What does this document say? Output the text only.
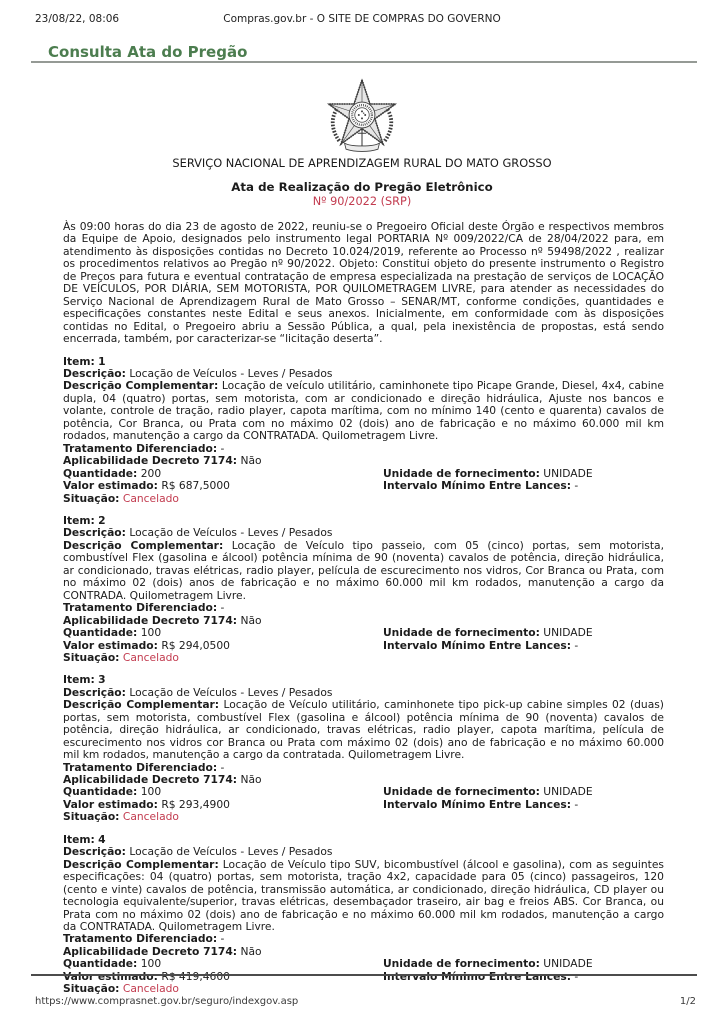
23/08/22, 08:06	Compras.gov.br - O SITE DE COMPRAS DO GOVERNO
Consulta Ata do Pregão
SERVIÇO NACIONAL DE APRENDIZAGEM RURAL DO MATO GROSSO
Ata de Realização do Pregão Eletrônico
Nº 90/2022 (SRP)

Às 09:00 horas do dia 23 de agosto de 2022, reuniu-se o Pregoeiro Oficial deste Órgão e respectivos membros da Equipe de Apoio, designados pelo instrumento legal PORTARIA Nº 009/2022/CA de 28/04/2022 para, em atendimento às disposições contidas no Decreto 10.024/2019, referente ao Processo nº 59498/2022 , realizar os procedimentos relativos ao Pregão nº 90/2022. Objeto: Constitui objeto do presente instrumento o Registro de Preços para futura e eventual contratação de empresa especializada na prestação de serviços de LOCAÇÃO DE VEÍCULOS, POR DIÁRIA, SEM MOTORISTA, POR QUILOMETRAGEM LIVRE, para atender as necessidades do Serviço Nacional de Aprendizagem Rural de Mato Grosso – SENAR/MT, conforme condições, quantidades e especificações constantes neste Edital e seus anexos. Inicialmente, em conformidade com às disposições contidas no Edital, o Pregoeiro abriu a Sessão Pública, a qual, pela inexistência de propostas, está sendo encerrada, também, por caracterizar-se “licitação deserta”.

Item: 1
Descrição: Locação de Veículos - Leves / Pesados

Descrição Complementar: Locação de veículo utilitário, caminhonete tipo Picape Grande, Diesel, 4x4, cabine dupla, 04 (quatro) portas, sem motorista, com ar condicionado e direção hidráulica, Ajuste nos bancos e volante, controle de tração, radio player, capota marítima, com no mínimo 140 (cento e quarenta) cavalos de potência, Cor Branca, ou Prata com no máximo 02 (dois) ano de fabricação e no máximo 60.000 mil km rodados, manutenção a cargo da CONTRATADA. Quilometragem Livre.

Tratamento Diferenciado: -
Aplicabilidade Decreto 7174: Não
Quantidade: 200	Unidade de fornecimento: UNIDADE
Valor estimado: R$ 687,5000	Intervalo Mínimo Entre Lances: -
Situação: Cancelado
Item: 2
Descrição: Locação de Veículos - Leves / Pesados

Descrição Complementar: Locação de Veículo tipo passeio, com 05 (cinco) portas, sem motorista, combustível Flex (gasolina e álcool) potência mínima de 90 (noventa) cavalos de potência, direção hidráulica, ar condicionado, travas elétricas, radio player, película de escurecimento nos vidros, Cor Branca ou Prata, com no máximo 02 (dois) anos de fabricação e no máximo 60.000 mil km rodados, manutenção a cargo da CONTRADA. Quilometragem Livre.

Tratamento Diferenciado: -
Aplicabilidade Decreto 7174: Não
Quantidade: 100	Unidade de fornecimento: UNIDADE
Valor estimado: R$ 294,0500	Intervalo Mínimo Entre Lances: -
Situação: Cancelado
Item: 3
Descrição: Locação de Veículos - Leves / Pesados

Descrição Complementar: Locação de Veículo utilitário, caminhonete tipo pick-up cabine simples 02 (duas) portas, sem motorista, combustível Flex (gasolina e álcool) potência mínima de 90 (noventa) cavalos de potência, direção hidráulica, ar condicionado, travas elétricas, radio player, capota marítima, película de escurecimento nos vidros cor Branca ou Prata com máximo 02 (dois) ano de fabricação e no máximo 60.000 mil km rodados, manutenção a cargo da contratada. Quilometragem Livre.

Tratamento Diferenciado: -
Aplicabilidade Decreto 7174: Não
Quantidade: 100	Unidade de fornecimento: UNIDADE
Valor estimado: R$ 293,4900	Intervalo Mínimo Entre Lances: -
Situação: Cancelado
Item: 4
Descrição: Locação de Veículos - Leves / Pesados

Descrição Complementar: Locação de Veículo tipo SUV, bicombustível (álcool e gasolina), com as seguintes especificações: 04 (quatro) portas, sem motorista, tração 4x2, capacidade para 05 (cinco) passageiros, 120 (cento e vinte) cavalos de potência, transmissão automática, ar condicionado, direção hidráulica, CD player ou tecnologia equivalente/superior, travas elétricas, desembaçador traseiro, air bag e freios ABS. Cor Branca, ou Prata com no máximo 02 (dois) ano de fabricação e no máximo 60.000 mil km rodados, manutenção a cargo da CONTRATADA. Quilometragem Livre.

Tratamento Diferenciado: -
Aplicabilidade Decreto 7174: Não
Quantidade: 100	Unidade de fornecimento: UNIDADE
Valor estimado: R$ 419,4600	Intervalo Mínimo Entre Lances: -
Situação: Cancelado
https://www.comprasnet.gov.br/seguro/indexgov.asp	1/2
